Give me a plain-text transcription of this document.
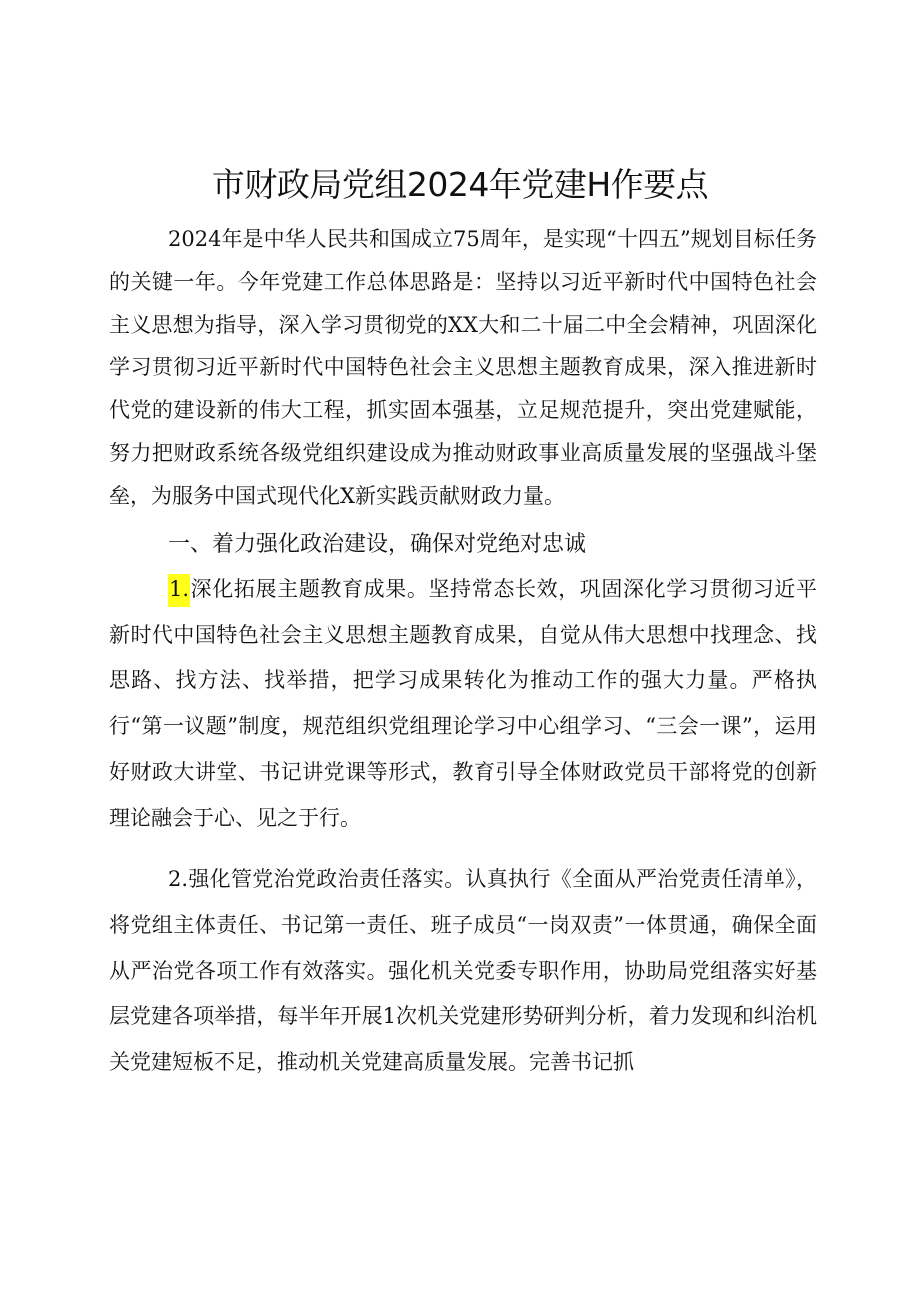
市财政局党组2024年党建H作要点

2024年是中华人民共和国成立75周年，是实现“十四五”规划目标任务的关键一年。今年党建工作总体思路是：坚持以习近平新时代中国特色社会主义思想为指导，深入学习贯彻党的XX大和二十届二中全会精神，巩固深化学习贯彻习近平新时代中国特色社会主义思想主题教育成果，深入推进新时代党的建设新的伟大工程，抓实固本强基，立足规范提升，突出党建赋能，努力把财政系统各级党组织建设成为推动财政事业高质量发展的坚强战斗堡垒，为服务中国式现代化X新实践贡献财政力量。

一、着力强化政治建设，确保对党绝对忠诚

1.深化拓展主题教育成果。坚持常态长效，巩固深化学习贯彻习近平新时代中国特色社会主义思想主题教育成果，自觉从伟大思想中找理念、找思路、找方法、找举措，把学习成果转化为推动工作的强大力量。严格执行“第一议题”制度，规范组织党组理论学习中心组学习、“三会一课”，运用好财政大讲堂、书记讲党课等形式，教育引导全体财政党员干部将党的创新理论融会于心、见之于行。

2.强化管党治党政治责任落实。认真执行《全面从严治党责任清单》，将党组主体责任、书记第一责任、班子成员“一岗双责”一体贯通，确保全面从严治党各项工作有效落实。强化机关党委专职作用，协助局党组落实好基层党建各项举措，每半年开展1次机关党建形势研判分析，着力发现和纠治机关党建短板不足，推动机关党建高质量发展。完善书记抓
